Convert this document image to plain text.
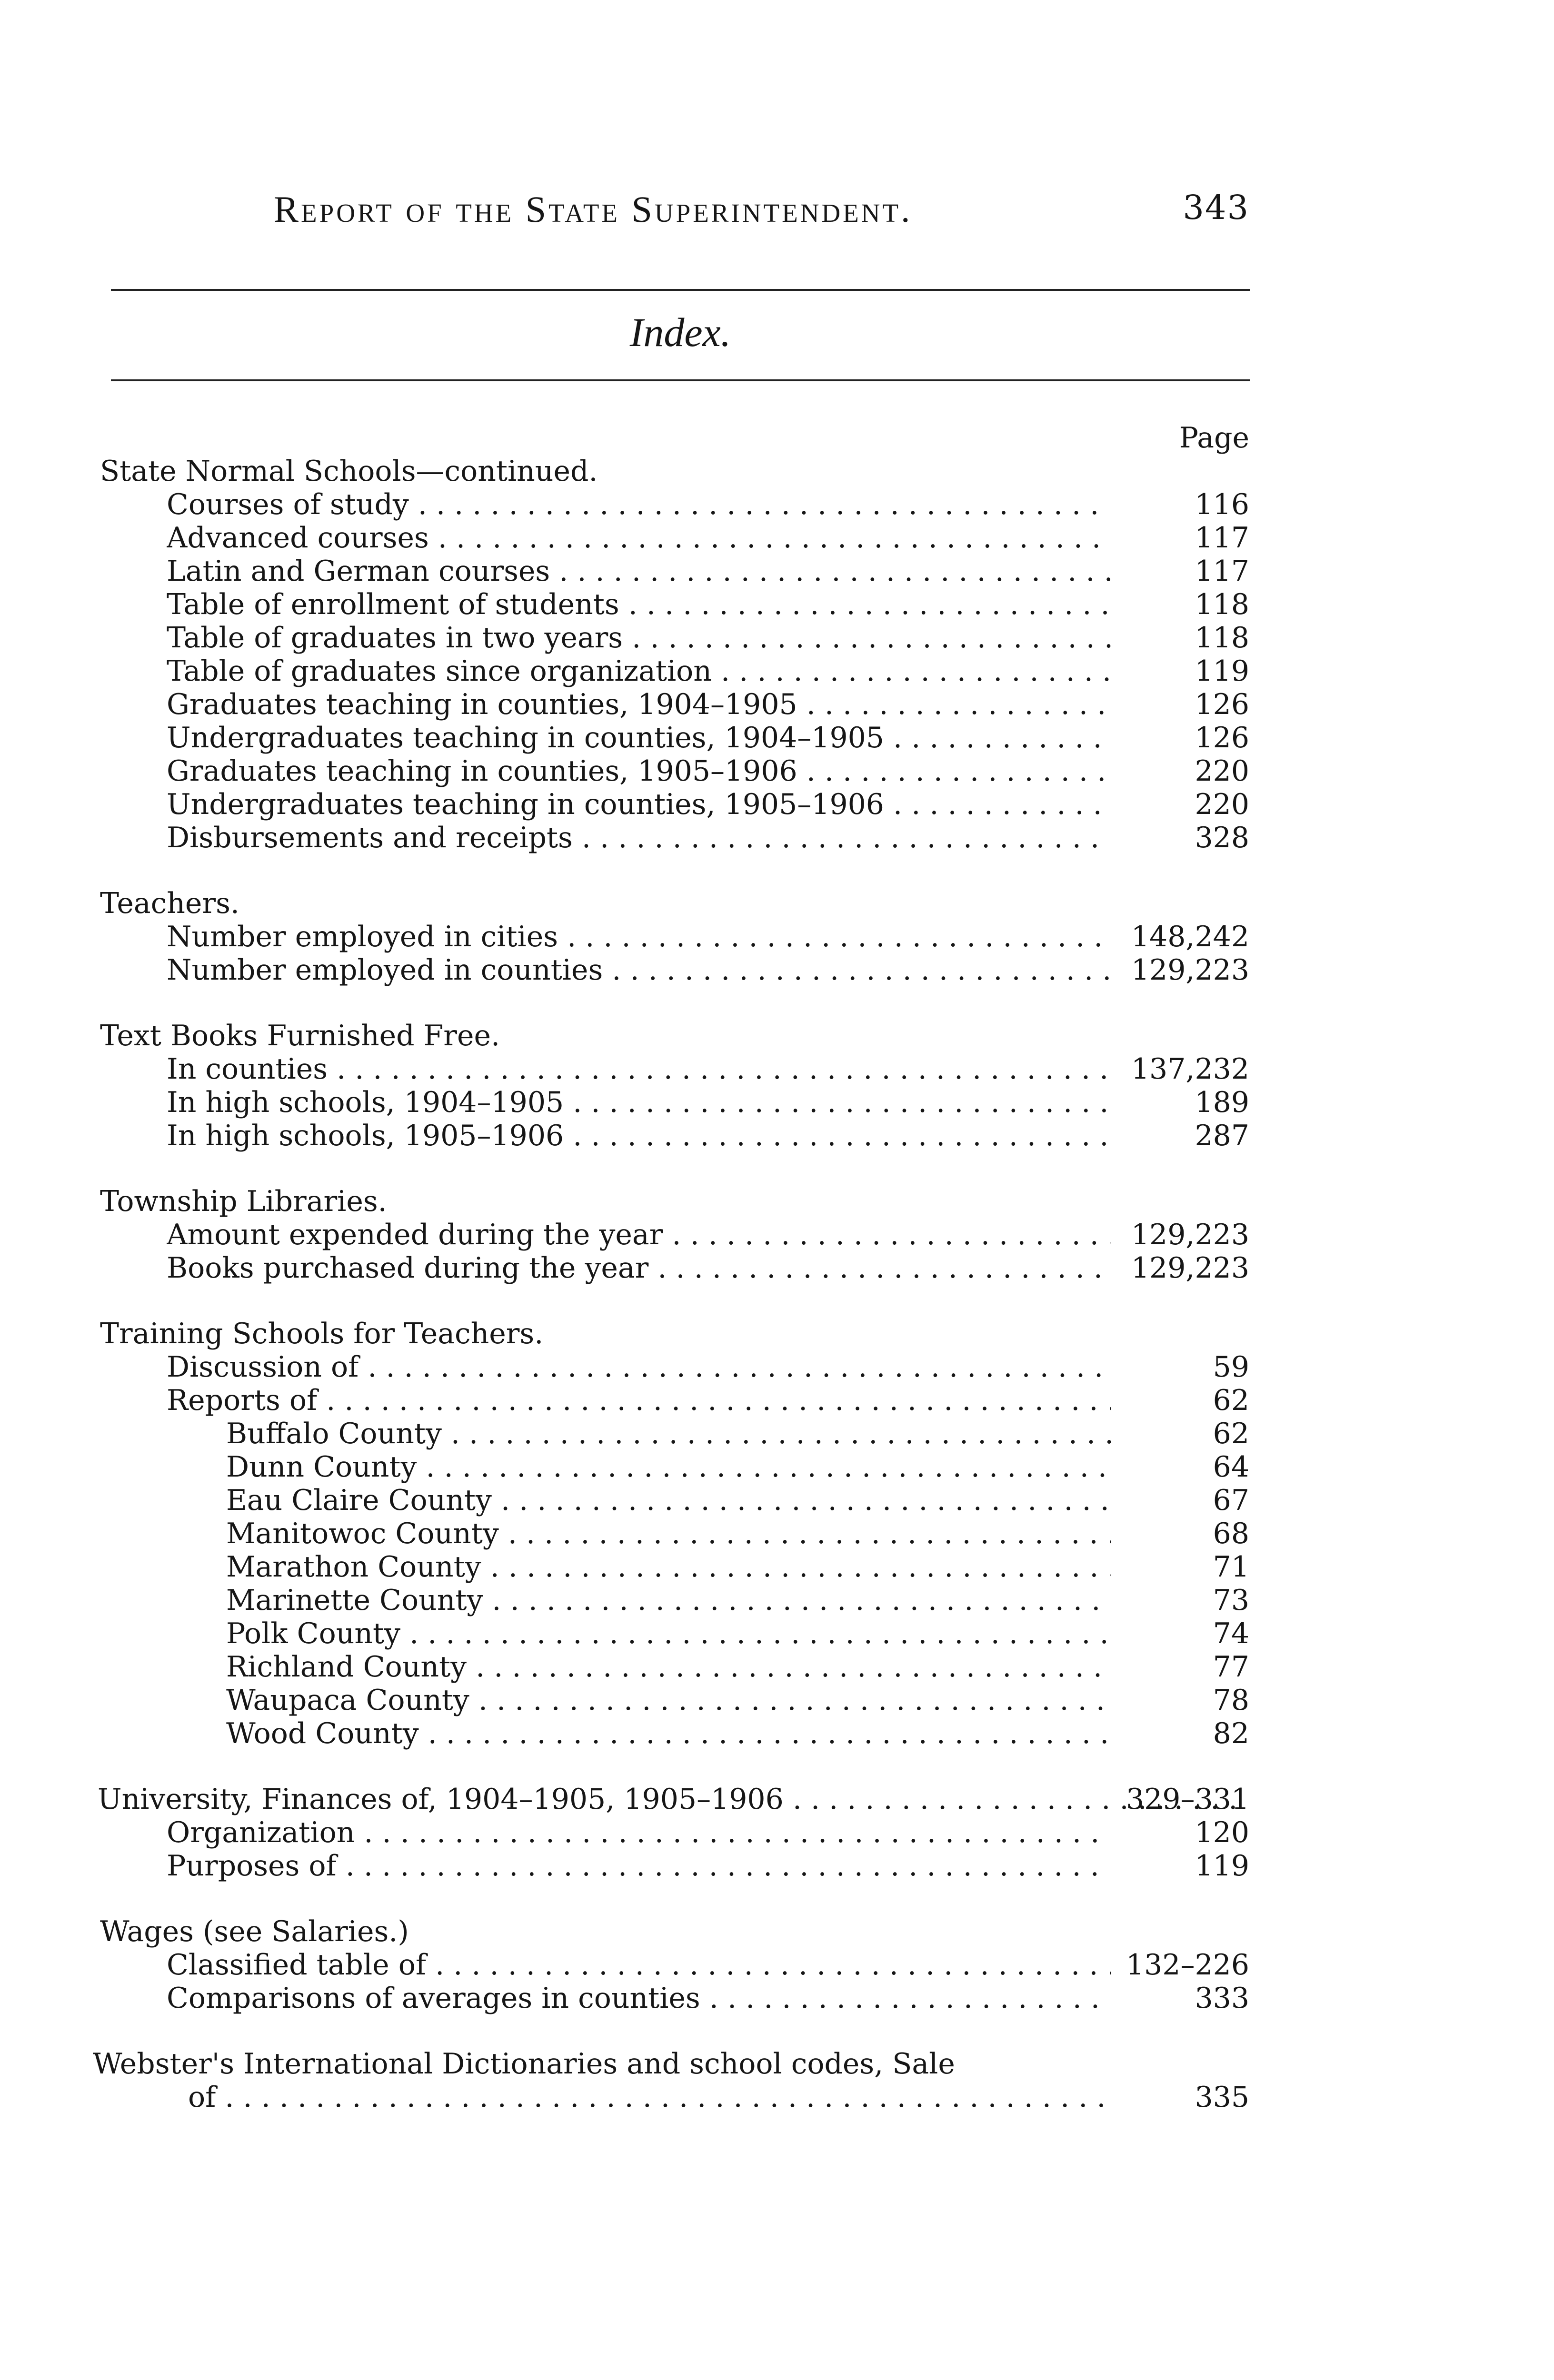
Report of the State Superintendent.	343
Index.
Page
State Normal Schools—continued.
Courses of study . . .	116
Advanced courses . . .	117
Latin and German courses . . .	117
Table of enrollment of students . . .	118
Table of graduates in two years . . .	118
Table of graduates since organization . . .	119
Graduates teaching in counties, 1904–1905 . . .	126
Undergraduates teaching in counties, 1904–1905 . . .	126
Graduates teaching in counties, 1905–1906 . . .	220
Undergraduates teaching in counties, 1905–1906 . . .	220
Disbursements and receipts . . .	328
Teachers.
Number employed in cities . . .	148,242
Number employed in counties . . .	129,223
Text Books Furnished Free.
In counties . . .	137,232
In high schools, 1904–1905 . . .	189
In high schools, 1905–1906 . . .	287
Township Libraries.
Amount expended during the year . . .	129,223
Books purchased during the year . . .	129,223
Training Schools for Teachers.
Discussion of . . .	59
Reports of . . .	62
Buffalo County . . .	62
Dunn County . . .	64
Eau Claire County . . .	67
Manitowoc County . . .	68
Marathon County . . .	71
Marinette County . . .	73
Polk County . . .	74
Richland County . . .	77
Waupaca County . . .	78
Wood County . . .	82
University, Finances of, 1904–1905, 1905–1906 . . .	329–331
Organization . . .	120
Purposes of . . .	119
Wages (see Salaries.)
Classified table of . . .	132–226
Comparisons of averages in counties . . .	333
Webster's International Dictionaries and school codes, Sale
of . . .	335
